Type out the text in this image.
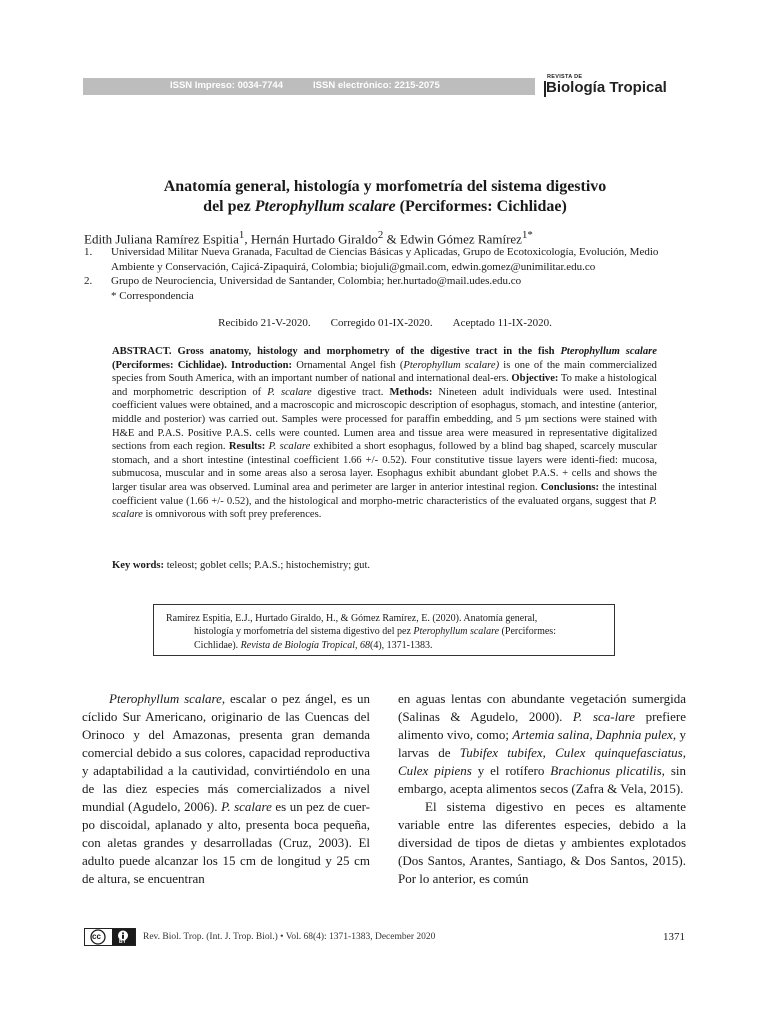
ISSN Impreso: 0034-7744	ISSN electrónico: 2215-2075
REVISTA DE
Biología Tropical
Anatomía general, histología y morfometría del sistema digestivo
del pez Pterophyllum scalare (Perciformes: Cichlidae)
Edith Juliana Ramírez Espitia$^1$, Hernán Hurtado Giraldo$^2$ & Edwin Gómez Ramírez$^{1*}$
1. Universidad Militar Nueva Granada, Facultad de Ciencias Básicas y Aplicadas, Grupo de Ecotoxicología, Evolución, Medio Ambiente y Conservación, Cajicá-Zipaquirá, Colombia; biojuli@gmail.com, edwin.gomez@unimilitar.edu.co
2. Grupo de Neurociencia, Universidad de Santander, Colombia; her.hurtado@mail.udes.edu.co
* Correspondencia
Recibido 21-V-2020. Corregido 01-IX-2020. Aceptado 11-IX-2020.
ABSTRACT. Gross anatomy, histology and morphometry of the digestive tract in the fish Pterophyllum scalare (Perciformes: Cichlidae). Introduction: Ornamental Angel fish (Pterophyllum scalare) is one of the main commercialized species from South America, with an important number of national and international deal-ers. Objective: To make a histological and morphometric description of P. scalare digestive tract. Methods: Nineteen adult individuals were used. Intestinal coefficient values were obtained, and a macroscopic and microscopic description of esophagus, stomach, and intestine (anterior, middle and posterior) was carried out. Samples were processed for paraffin embedding, and 5 µm sections were stained with H&E and P.A.S. Positive P.A.S. cells were counted. Lumen area and tissue area were measured in representative digitalized sections from each region. Results: P. scalare exhibited a short esophagus, followed by a blind bag shaped, scarcely muscular stomach, and a short intestine (intestinal coefficient 1.66 +/- 0.52). Four constitutive tissue layers were identi-fied: mucosa, submucosa, muscular and in some areas also a serosa layer. Esophagus exhibit abundant globet P.A.S. + cells and shows the larger tisular area was observed. Luminal area and perimeter are larger in anterior intestinal region. Conclusions: the intestinal coefficient value (1.66 +/- 0.52), and the histological and morpho-metric characteristics of the evaluated organs, suggest that P. scalare is omnivorous with soft prey preferences.
Key words: teleost; goblet cells; P.A.S.; histochemistry; gut.
Ramírez Espitia, E.J., Hurtado Giraldo, H., & Gómez Ramírez, E. (2020). Anatomía general,
histología y morfometría del sistema digestivo del pez Pterophyllum scalare (Perciformes:
Cichlidae). Revista de Biología Tropical, 68(4), 1371-1383.

Pterophyllum scalare, escalar o pez ángel, es un cíclido Sur Americano, originario de las Cuencas del Orinoco y del Amazonas, presenta gran demanda comercial debido a sus colores, capacidad reproductiva y adaptabilidad a la cautividad, convirtiéndolo en una de las diez especies más comercializados a nivel mundial (Agudelo, 2006). P. scalare es un pez de cuer-po discoidal, aplanado y alto, presenta boca pequeña, con aletas grandes y desarrolladas (Cruz, 2003). El adulto puede alcanzar los 15 cm de longitud y 25 cm de altura, se encuentran

en aguas lentas con abundante vegetación sumergida (Salinas & Agudelo, 2000). P. sca-lare prefiere alimento vivo, como; Artemia salina, Daphnia pulex, y larvas de Tubifex tubifex, Culex quinquefasciatus, Culex pipiens y el rotífero Brachionus plicatilis, sin embargo, acepta alimentos secos (Zafra & Vela, 2015).

El sistema digestivo en peces es altamente variable entre las diferentes especies, debido a la diversidad de tipos de dietas y ambientes explotados (Dos Santos, Arantes, Santiago, & Dos Santos, 2015). Por lo anterior, es común

cc
BY Rev. Biol. Trop. (Int. J. Trop. Biol.) • Vol. 68(4): 1371-1383, December 2020	1371
